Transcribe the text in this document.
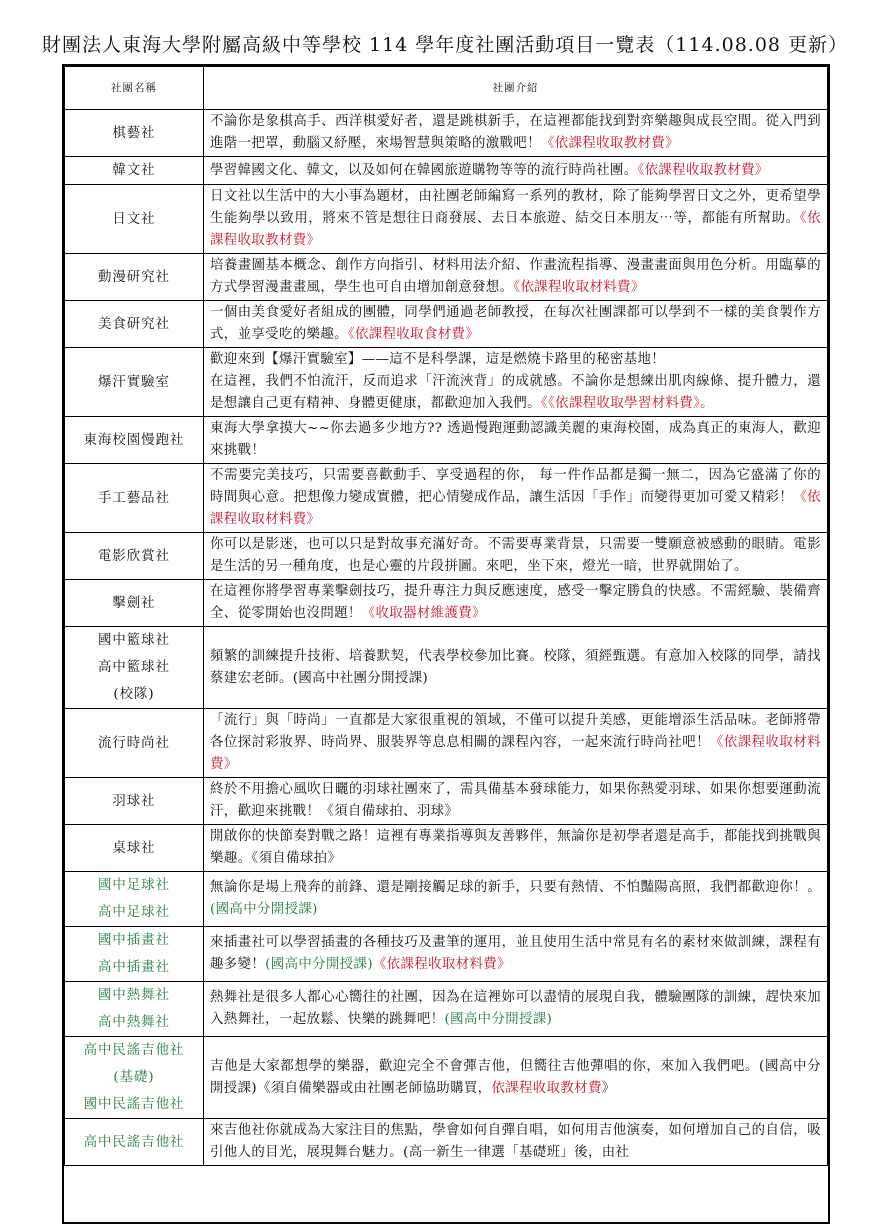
財團法人東海大學附屬高級中等學校 114 學年度社團活動項目一覽表（114.08.08 更新）
社團名稱	社團介紹

棋藝社	不論你是象棋高手、西洋棋愛好者，還是跳棋新手，在這裡都能找到對弈樂趣與成長空間。從入門到進階一把罩，動腦又紓壓，來場智慧與策略的激戰吧！《依課程收取教材費》

韓文社	學習韓國文化、韓文，以及如何在韓國旅遊購物等等的流行時尚社團。《依課程收取教材費》

日文社	日文社以生活中的大小事為題材，由社團老師編寫一系列的教材，除了能夠學習日文之外，更希望學生能夠學以致用，將來不管是想往日商發展、去日本旅遊、結交日本朋友⋯等，都能有所幫助。《依課程收取教材費》

動漫研究社	培養畫圖基本概念、創作方向指引、材料用法介紹、作畫流程指導、漫畫畫面與用色分析。用臨摹的方式學習漫畫畫風，學生也可自由增加創意發想。《依課程收取材料費》

美食研究社	一個由美食愛好者組成的團體，同學們通過老師教授，在每次社團課都可以學到不一樣的美食製作方式，並享受吃的樂趣。《依課程收取食材費》

爆汗實驗室	歡迎來到【爆汗實驗室】——這不是科學課，這是燃燒卡路里的秘密基地！
在這裡，我們不怕流汗，反而追求「汗流浹背」的成就感。不論你是想練出肌肉線條、提升體力，還是想讓自己更有精神、身體更健康，都歡迎加入我們。《《依課程收取學習材料費》。

東海校園慢跑社	東海大學拿摸大~~你去過多少地方?? 透過慢跑運動認識美麗的東海校園，成為真正的東海人，歡迎來挑戰！

手工藝品社	不需要完美技巧，只需要喜歡動手、享受過程的你， 每一件作品都是獨一無二，因為它盛滿了你的時間與心意。把想像力變成實體，把心情變成作品，讓生活因「手作」而變得更加可愛又精彩！《依課程收取材料費》

電影欣賞社	你可以是影迷，也可以只是對故事充滿好奇。不需要專業背景，只需要一雙願意被感動的眼睛。電影是生活的另一種角度，也是心靈的片段拼圖。來吧，坐下來，燈光一暗，世界就開始了。

擊劍社	在這裡你將學習專業擊劍技巧，提升專注力與反應速度，感受一擊定勝負的快感。不需經驗、裝備齊全、從零開始也沒問題！《收取器材維護費》

國中籃球社
高中籃球社
(校隊)	頻繁的訓練提升技術、培養默契，代表學校參加比賽。校隊，須經甄選。有意加入校隊的同學，請找蔡建宏老師。(國高中社團分開授課)

流行時尚社	「流行」與「時尚」一直都是大家很重視的領域，不僅可以提升美感，更能增添生活品味。老師將帶各位探討彩妝界、時尚界、服裝界等息息相關的課程內容，一起來流行時尚社吧！《依課程收取材料費》

羽球社	終於不用擔心風吹日曬的羽球社團來了，需具備基本發球能力，如果你熱愛羽球、如果你想要運動流汗，歡迎來挑戰！《須自備球拍、羽球》

桌球社	開啟你的快節奏對戰之路！這裡有專業指導與友善夥伴，無論你是初學者還是高手，都能找到挑戰與樂趣。《須自備球拍》

國中足球社
高中足球社	無論你是場上飛奔的前鋒、還是剛接觸足球的新手，只要有熱情、不怕豔陽高照，我們都歡迎你！。(國高中分開授課)

國中插畫社
高中插畫社	來插畫社可以學習插畫的各種技巧及畫筆的運用，並且使用生活中常見有名的素材來做訓練，課程有趣多變！(國高中分開授課)《依課程收取材料費》

國中熱舞社
高中熱舞社	熱舞社是很多人都心心嚮往的社團，因為在這裡妳可以盡情的展現自我，體驗團隊的訓練，趕快來加入熱舞社，一起放鬆、快樂的跳舞吧！(國高中分開授課)

高中民謠吉他社
(基礎)
國中民謠吉他社	吉他是大家都想學的樂器，歡迎完全不會彈吉他，但嚮往吉他彈唱的你，來加入我們吧。(國高中分開授課)《須自備樂器或由社團老師協助購買，依課程收取教材費》

高中民謠吉他社	來吉他社你就成為大家注目的焦點，學會如何自彈自唱，如何用吉他演奏，如何增加自己的自信，吸引他人的目光，展現舞台魅力。(高一新生一律選「基礎班」後，由社
